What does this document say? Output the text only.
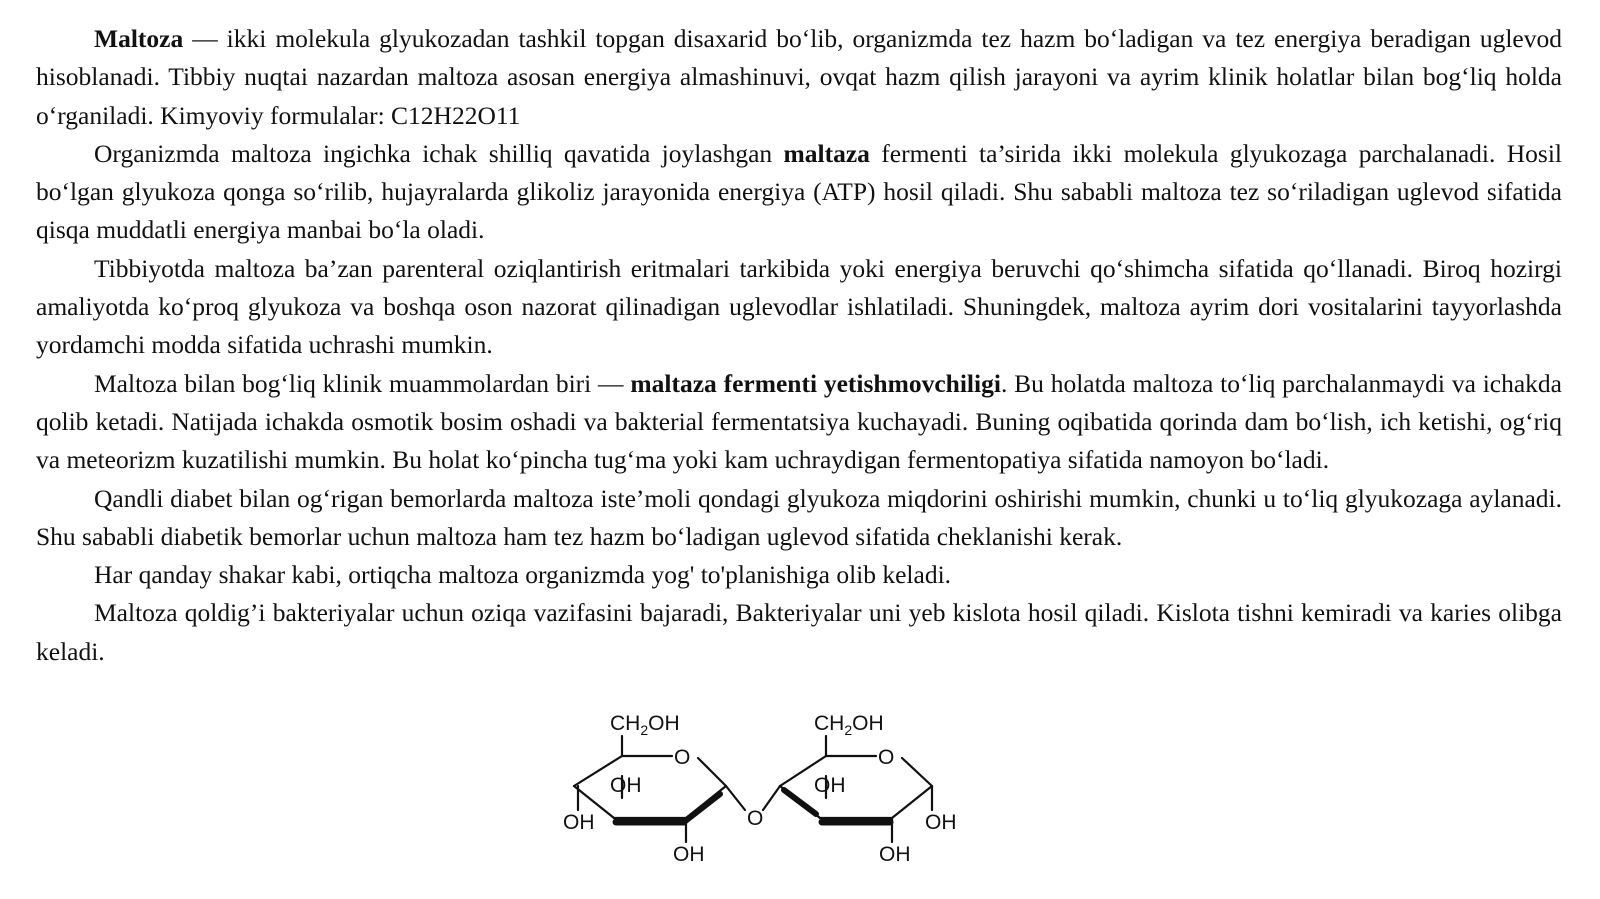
Maltoza — ikki molekula glyukozadan tashkil topgan disaxarid bo‘lib, organizmda tez hazm bo‘ladigan va tez energiya beradigan uglevod hisoblanadi. Tibbiy nuqtai nazardan maltoza asosan energiya almashinuvi, ovqat hazm qilish jarayoni va ayrim klinik holatlar bilan bog‘liq holda o‘rganiladi. Kimyoviy formulalar: C12H22O11

Organizmda maltoza ingichka ichak shilliq qavatida joylashgan maltaza fermenti ta’sirida ikki molekula glyukozaga parchalanadi. Hosil bo‘lgan glyukoza qonga so‘rilib, hujayralarda glikoliz jarayonida energiya (ATP) hosil qiladi. Shu sababli maltoza tez so‘riladigan uglevod sifatida qisqa muddatli energiya manbai bo‘la oladi.

Tibbiyotda maltoza ba’zan parenteral oziqlantirish eritmalari tarkibida yoki energiya beruvchi qo‘shimcha sifatida qo‘llanadi. Biroq hozirgi amaliyotda ko‘proq glyukoza va boshqa oson nazorat qilinadigan uglevodlar ishlatiladi. Shuningdek, maltoza ayrim dori vositalarini tayyorlashda yordamchi modda sifatida uchrashi mumkin.

Maltoza bilan bog‘liq klinik muammolardan biri — maltaza fermenti yetishmovchiligi. Bu holatda maltoza to‘liq parchalanmaydi va ichakda qolib ketadi. Natijada ichakda osmotik bosim oshadi va bakterial fermentatsiya kuchayadi. Buning oqibatida qorinda dam bo‘lish, ich ketishi, og‘riq va meteorizm kuzatilishi mumkin. Bu holat ko‘pincha tug‘ma yoki kam uchraydigan fermentopatiya sifatida namoyon bo‘ladi.

Qandli diabet bilan og‘rigan bemorlarda maltoza iste’moli qondagi glyukoza miqdorini oshirishi mumkin, chunki u to‘liq glyukozaga aylanadi. Shu sababli diabetik bemorlar uchun maltoza ham tez hazm bo‘ladigan uglevod sifatida cheklanishi kerak.

Har qanday shakar kabi, ortiqcha maltoza organizmda yog' to'planishiga olib keladi.

Maltoza qoldig’i bakteriyalar uchun oziqa vazifasini bajaradi, Bakteriyalar uni yeb kislota hosil qiladi. Kislota tishni kemiradi va karies olibga keladi.

$CH_2OH$
O
OH
OH
OH
O
$CH_2OH$
O
OH
OH
OH
